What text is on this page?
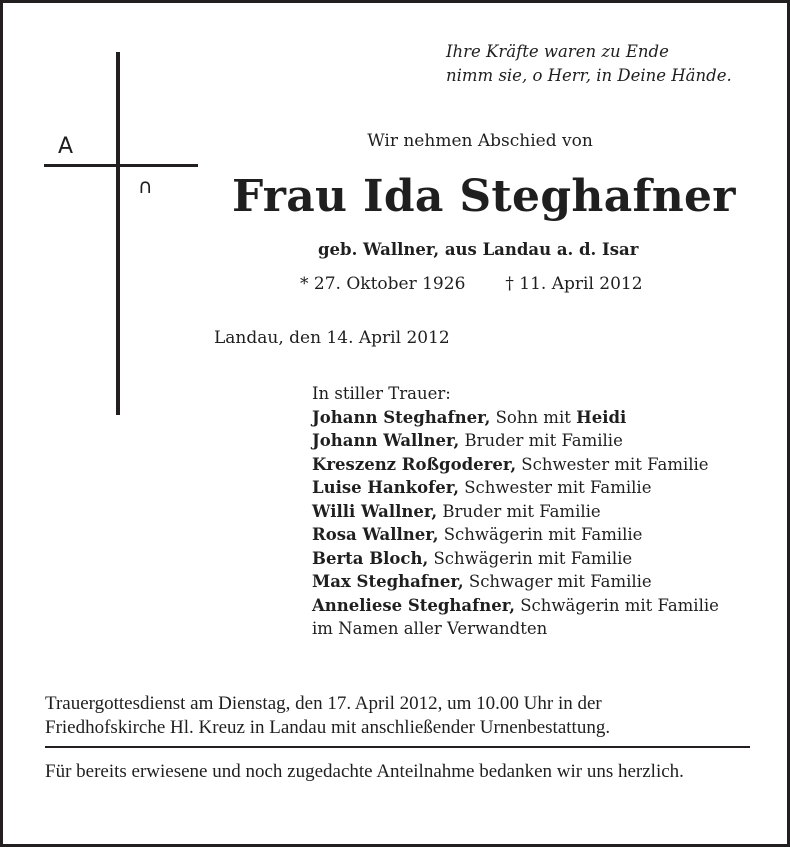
A
∩
Ihre Kräfte waren zu Ende
nimm sie, o Herr, in Deine Hände.
Wir nehmen Abschied von
Frau Ida Steghafner
geb. Wallner, aus Landau a. d. Isar
* 27. Oktober 1926 † 11. April 2012
Landau, den 14. April 2012
In stiller Trauer:
Johann Steghafner, Sohn mit Heidi
Johann Wallner, Bruder mit Familie
Kreszenz Roßgoderer, Schwester mit Familie
Luise Hankofer, Schwester mit Familie
Willi Wallner, Bruder mit Familie
Rosa Wallner, Schwägerin mit Familie
Berta Bloch, Schwägerin mit Familie
Max Steghafner, Schwager mit Familie
Anneliese Steghafner, Schwägerin mit Familie
im Namen aller Verwandten
Trauergottesdienst am Dienstag, den 17. April 2012, um 10.00 Uhr in der
Friedhofskirche Hl. Kreuz in Landau mit anschließender Urnenbestattung.
Für bereits erwiesene und noch zugedachte Anteilnahme bedanken wir uns herzlich.
